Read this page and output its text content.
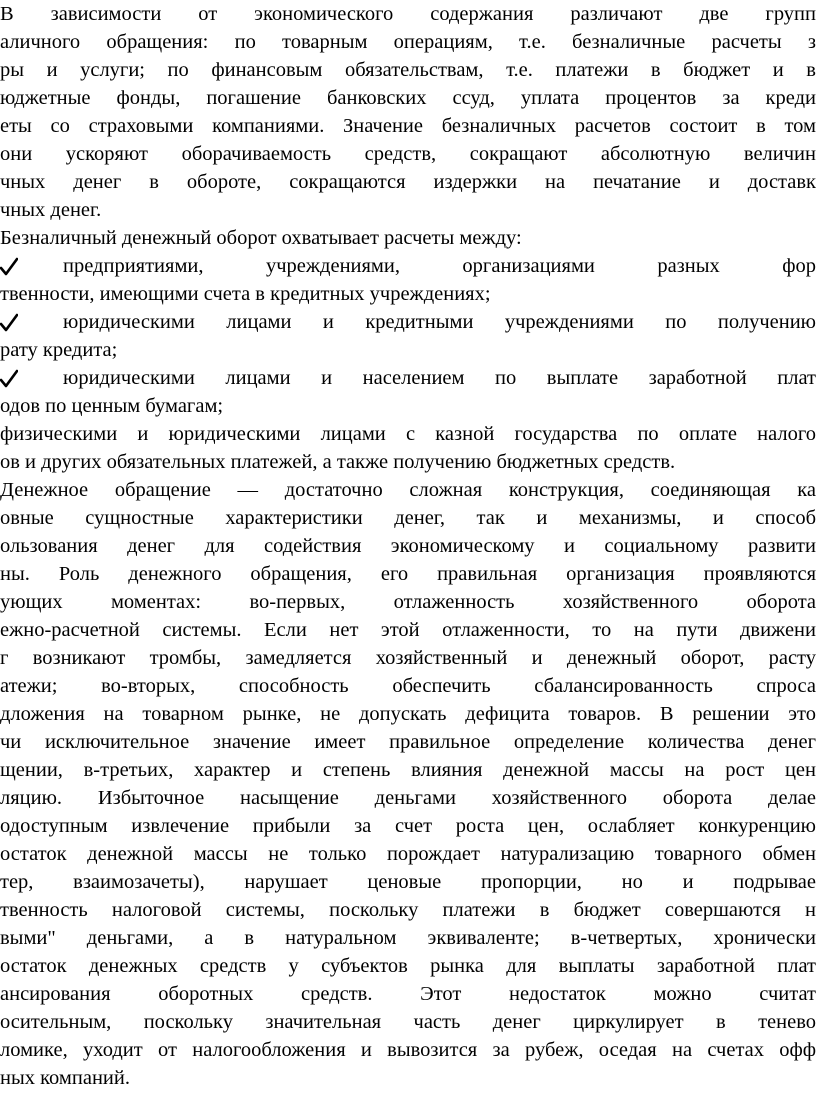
В зависимости от экономического содержания различают две групп
аличного обращения: по товарным операциям, т.е. безналичные расчеты з
ры и услуги; по финансовым обязательствам, т.е. платежи в бюджет и в
юджетные фонды, погашение банковских ссуд, уплата процентов за креди
еты со страховыми компаниями. Значение безналичных расчетов состоит в том
они ускоряют оборачиваемость средств, сокращают абсолютную величин
чных денег в обороте, сокращаются издержки на печатание и доставк
чных денег.
Безналичный денежный оборот охватывает расчеты между:
предприятиями, учреждениями, организациями разных фор
твенности, имеющими счета в кредитных учреждениях;
юридическими лицами и кредитными учреждениями по получению
рату кредита;
юридическими лицами и населением по выплате заработной плат
одов по ценным бумагам;
физическими и юридическими лицами с казной государства по оплате налого
ов и других обязательных платежей, а также получению бюджетных средств.
Денежное обращение — достаточно сложная конструкция, соединяющая ка
овные сущностные характеристики денег, так и механизмы, и способ
ользования денег для содействия экономическому и социальному развити
ны. Роль денежного обращения, его правильная организация проявляются
ующих моментах: во-первых, отлаженность хозяйственного оборота
ежно-расчетной системы. Если нет этой отлаженности, то на пути движени
г возникают тромбы, замедляется хозяйственный и денежный оборот, расту
атежи; во-вторых, способность обеспечить сбалансированность спроса
дложения на товарном рынке, не допускать дефицита товаров. В решении это
чи исключительное значение имеет правильное определение количества денег
щении, в-третьих, характер и степень влияния денежной массы на рост цен
ляцию. Избыточное насыщение деньгами хозяйственного оборота делае
одоступным извлечение прибыли за счет роста цен, ослабляет конкуренцию
остаток денежной массы не только порождает натурализацию товарного обмен
тер, взаимозачеты), нарушает ценовые пропорции, но и подрывае
твенность налоговой системы, поскольку платежи в бюджет совершаются н
выми" деньгами, а в натуральном эквиваленте; в-четвертых, хронически
остаток денежных средств у субъектов рынка для выплаты заработной плат
ансирования оборотных средств. Этот недостаток можно считат
осительным, поскольку значительная часть денег циркулирует в тенево
ломике, уходит от налогообложения и вывозится за рубеж, оседая на счетах офф
ных компаний.
